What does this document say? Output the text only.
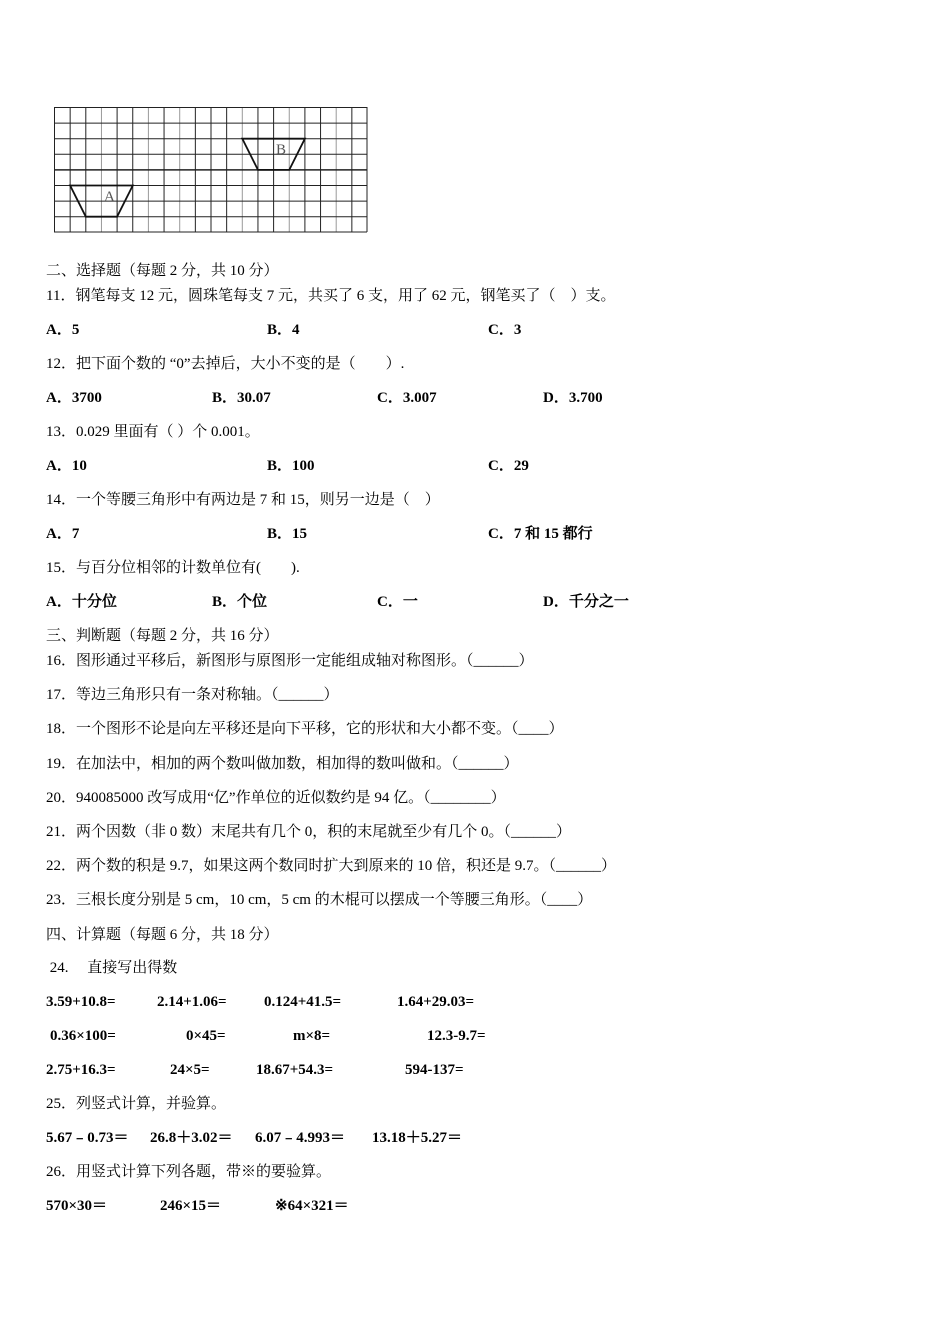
A
B
二、选择题（每题 2 分，共 10 分）
11．钢笔每支 12 元，圆珠笔每支 7 元，共买了 6 支，用了 62 元，钢笔买了（    ）支。
A．5	B．4	C．3
12．把下面个数的 “0”去掉后，大小不变的是（        ）.
A．3700	B．30.07	C．3.007	D．3.700
13．0.029 里面有（ ）个 0.001。
A．10	B．100	C．29
14．一个等腰三角形中有两边是 7 和 15，则另一边是（    ）
A．7	B．15	C．7 和 15 都行
15．与百分位相邻的计数单位有(        ).
A．十分位	B．个位	C．一	D．千分之一
三、判断题（每题 2 分，共 16 分）
16．图形通过平移后，新图形与原图形一定能组成轴对称图形。（______）
17．等边三角形只有一条对称轴。（______）
18．一个图形不论是向左平移还是向下平移，它的形状和大小都不变。（____）
19．在加法中，相加的两个数叫做加数，相加得的数叫做和。（______）
20．940085000 改写成用“亿”作单位的近似数约是 94 亿。（________）
21．两个因数（非 0 数）末尾共有几个 0，积的末尾就至少有几个 0。（______）
22．两个数的积是 9.7，如果这两个数同时扩大到原来的 10 倍，积还是 9.7。（______）
23．三根长度分别是 5 cm，10 cm，5 cm 的木棍可以摆成一个等腰三角形。（____）
四、计算题（每题 6 分，共 18 分）
24.     直接写出得数
3.59+10.8=	2.14+1.06= 0.124+41.5=	1.64+29.03=
0.36×100=	0×45=	m×8=	12.3-9.7=
2.75+16.3=	24×5=	18.67+54.3=	594-137=
25．列竖式计算，并验算。
5.67﹣0.73＝ 26.8＋3.02＝ 6.07﹣4.993＝ 13.18＋5.27＝
26．用竖式计算下列各题，带※的要验算。
570×30＝	246×15＝	※64×321＝
